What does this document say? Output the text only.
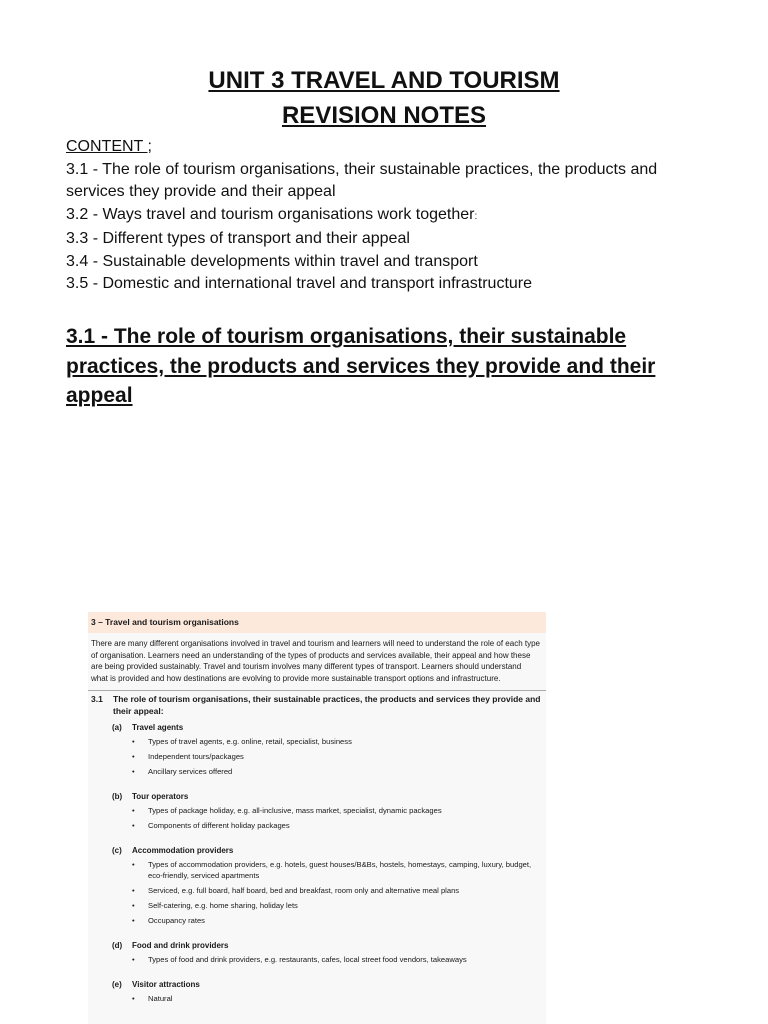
UNIT 3 TRAVEL AND TOURISM
REVISION NOTES
CONTENT ;
3.1 - The role of tourism organisations, their sustainable practices, the products and services they provide and their appeal
3.2 - Ways travel and tourism organisations work together:
3.3 - Different types of transport and their appeal
3.4 - Sustainable developments within travel and transport
3.5 - Domestic and international travel and transport infrastructure
3.1 - The role of tourism organisations, their sustainable practices, the products and services they provide and their appeal
3 – Travel and tourism organisations

There are many different organisations involved in travel and tourism and learners will need to understand the role of each type of organisation. Learners need an understanding of the types of products and services available, their appeal and how these are being provided sustainably. Travel and tourism involves many different types of transport. Learners should understand what is provided and how destinations are evolving to provide more sustainable transport options and infrastructure.

3.1 The role of tourism organisations, their sustainable practices, the products and services they provide and their appeal:
(a) Travel agents
• Types of travel agents, e.g. online, retail, specialist, business
• Independent tours/packages
• Ancillary services offered
(b) Tour operators
• Types of package holiday, e.g. all-inclusive, mass market, specialist, dynamic packages
• Components of different holiday packages
(c) Accommodation providers
• Types of accommodation providers, e.g. hotels, guest houses/B&Bs, hostels, homestays, camping, luxury, budget, eco-friendly, serviced apartments
• Serviced, e.g. full board, half board, bed and breakfast, room only and alternative meal plans
• Self-catering, e.g. home sharing, holiday lets
• Occupancy rates
(d) Food and drink providers
• Types of food and drink providers, e.g. restaurants, cafes, local street food vendors, takeaways
(e) Visitor attractions
• Natural
